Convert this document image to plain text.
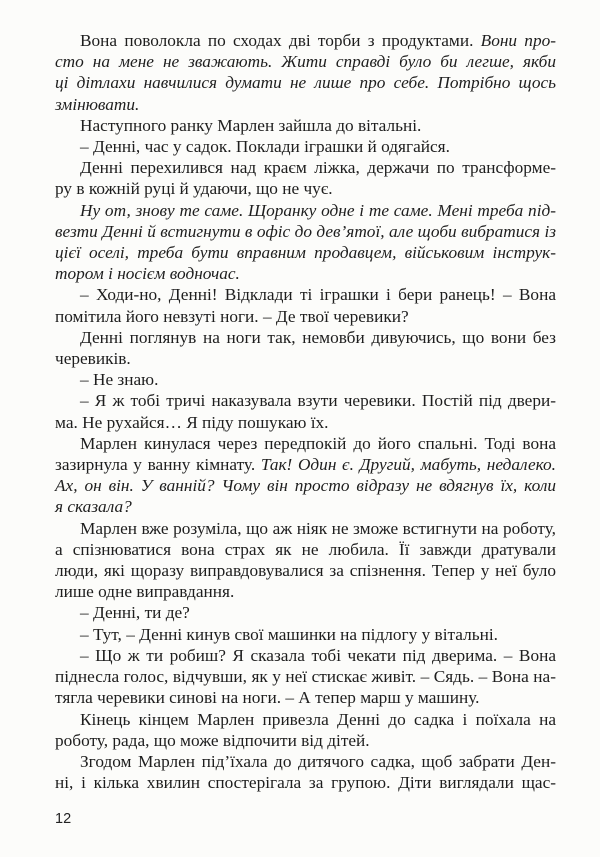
Вона поволокла по сходах дві торби з продуктами. Вони про-
сто на мене не зважають. Жити справді було би легше, якби
ці дітлахи навчилися думати не лише про себе. Потрібно щось
змінювати.
Наступного ранку Марлен зайшла до вітальні.
– Денні, час у садок. Поклади іграшки й одягайся.
Денні перехилився над краєм ліжка, держачи по трансформе-
ру в кожній руці й удаючи, що не чує.
Ну от, знову те саме. Щоранку одне і те саме. Мені треба під-
везти Денні й встигнути в офіс до дев’ятої, але щоби вибратися із
цієї оселі, треба бути вправним продавцем, військовим інструк-
тором і носієм водночас.
– Ходи-но, Денні! Відклади ті іграшки і бери ранець! – Вона
помітила його невзуті ноги. – Де твої черевики?
Денні поглянув на ноги так, немовби дивуючись, що вони без
черевиків.
– Не знаю.
– Я ж тобі тричі наказувала взути черевики. Постій під двери-
ма. Не рухайся… Я піду пошукаю їх.
Марлен кинулася через передпокій до його спальні. Тоді вона
зазирнула у ванну кімнату. Так! Один є. Другий, мабуть, недалеко.
Ах, он він. У ванній? Чому він просто відразу не вдягнув їх, коли
я сказала?
Марлен вже розуміла, що аж ніяк не зможе встигнути на роботу,
а спізнюватися вона страх як не любила. Її завжди дратували
люди, які щоразу виправдовувалися за спізнення. Тепер у неї було
лише одне виправдання.
– Денні, ти де?
– Тут, – Денні кинув свої машинки на підлогу у вітальні.
– Що ж ти робиш? Я сказала тобі чекати під дверима. – Вона
піднесла голос, відчувши, як у неї стискає живіт. – Сядь. – Вона на-
тягла черевики синові на ноги. – А тепер марш у машину.
Кінець кінцем Марлен привезла Денні до садка і поїхала на
роботу, рада, що може відпочити від дітей.
Згодом Марлен під’їхала до дитячого садка, щоб забрати Ден-
ні, і кілька хвилин спостерігала за групою. Діти виглядали щас-
12
